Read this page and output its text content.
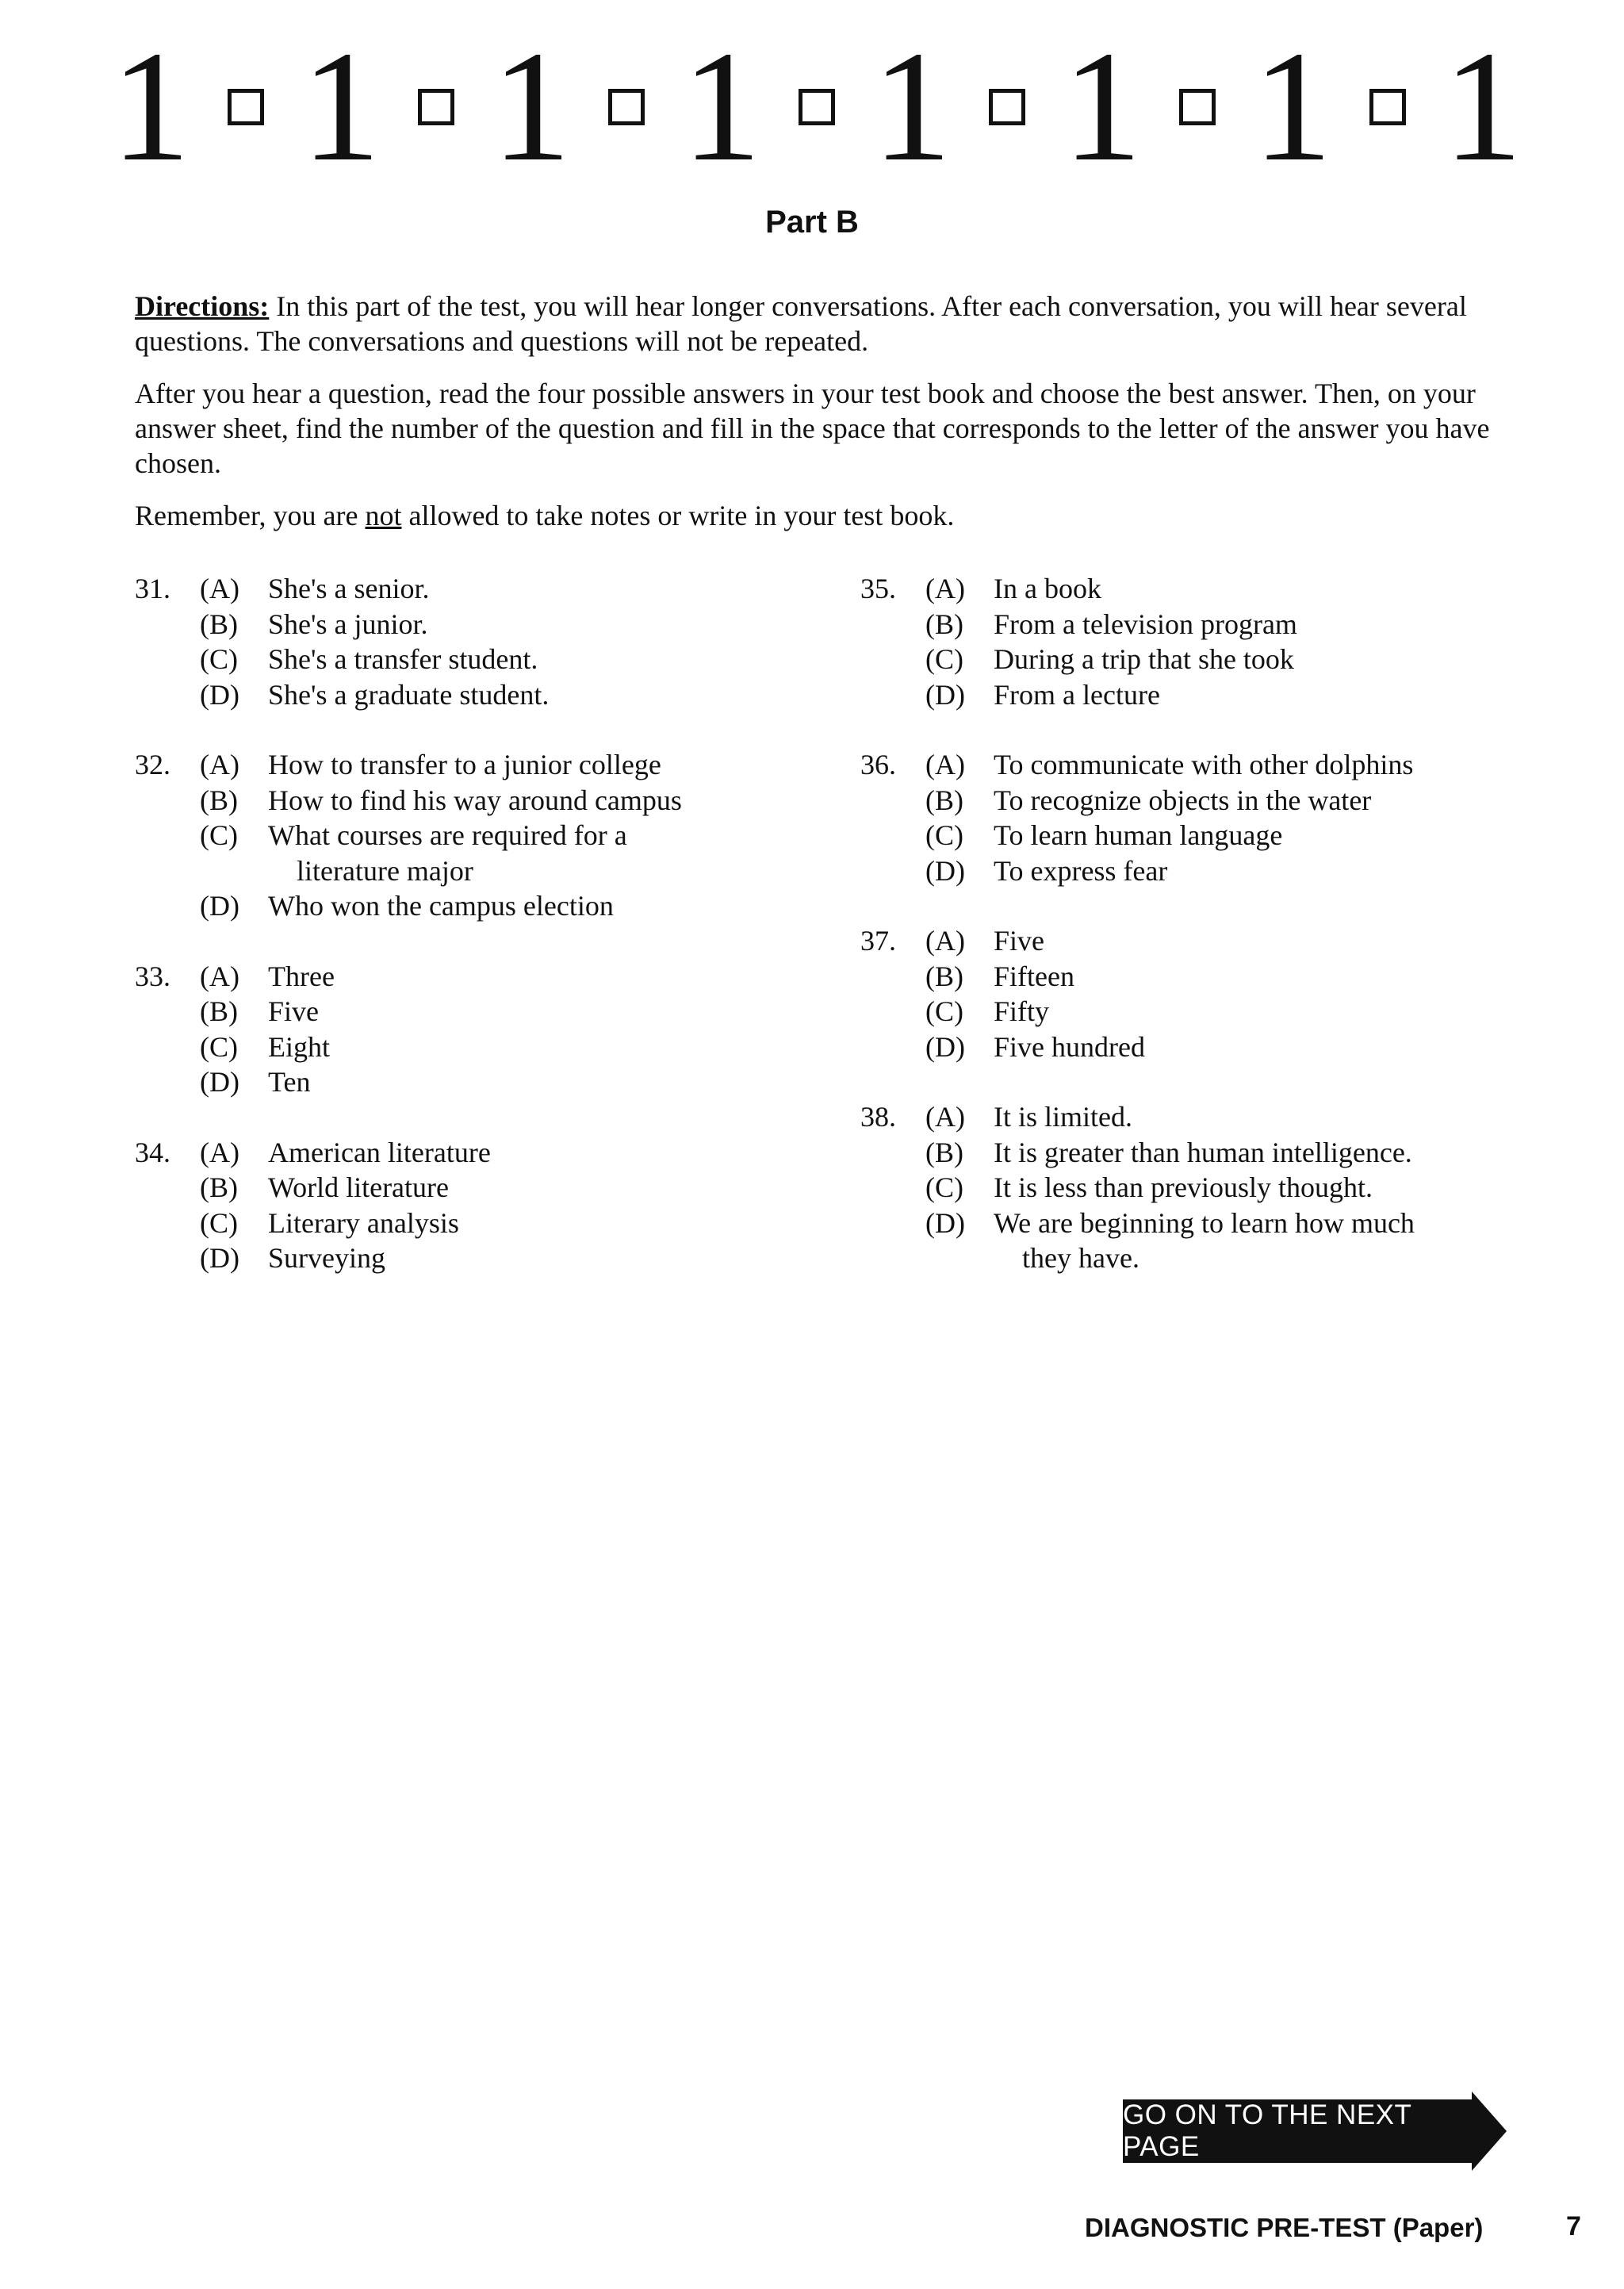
1 1 1 1 1 1 1 1
Part B
Directions: In this part of the test, you will hear longer conversations. After each conversation, you will hear several questions. The conversations and questions will not be repeated.
After you hear a question, read the four possible answers in your test book and choose the best answer. Then, on your answer sheet, find the number of the question and fill in the space that corresponds to the letter of the answer you have chosen.
Remember, you are not allowed to take notes or write in your test book.
31. (A)	She's a senior.
(B)	She's a junior.
(C)	She's a transfer student.
(D)	She's a graduate student.
32. (A)	How to transfer to a junior college
(B)	How to find his way around campus
(C)	What courses are required for a
literature major
(D)	Who won the campus election
33. (A)	Three
(B)	Five
(C)	Eight
(D)	Ten
34. (A)	American literature
(B)	World literature
(C)	Literary analysis
(D)	Surveying
35. (A)	In a book
(B)	From a television program
(C)	During a trip that she took
(D)	From a lecture
36. (A)	To communicate with other dolphins
(B)	To recognize objects in the water
(C)	To learn human language
(D)	To express fear
37. (A)	Five
(B)	Fifteen
(C)	Fifty
(D)	Five hundred
38. (A)	It is limited.
(B)	It is greater than human intelligence.
(C)	It is less than previously thought.
(D)	We are beginning to learn how much
they have.
GO ON TO THE NEXT PAGE
DIAGNOSTIC PRE-TEST (Paper)	7
